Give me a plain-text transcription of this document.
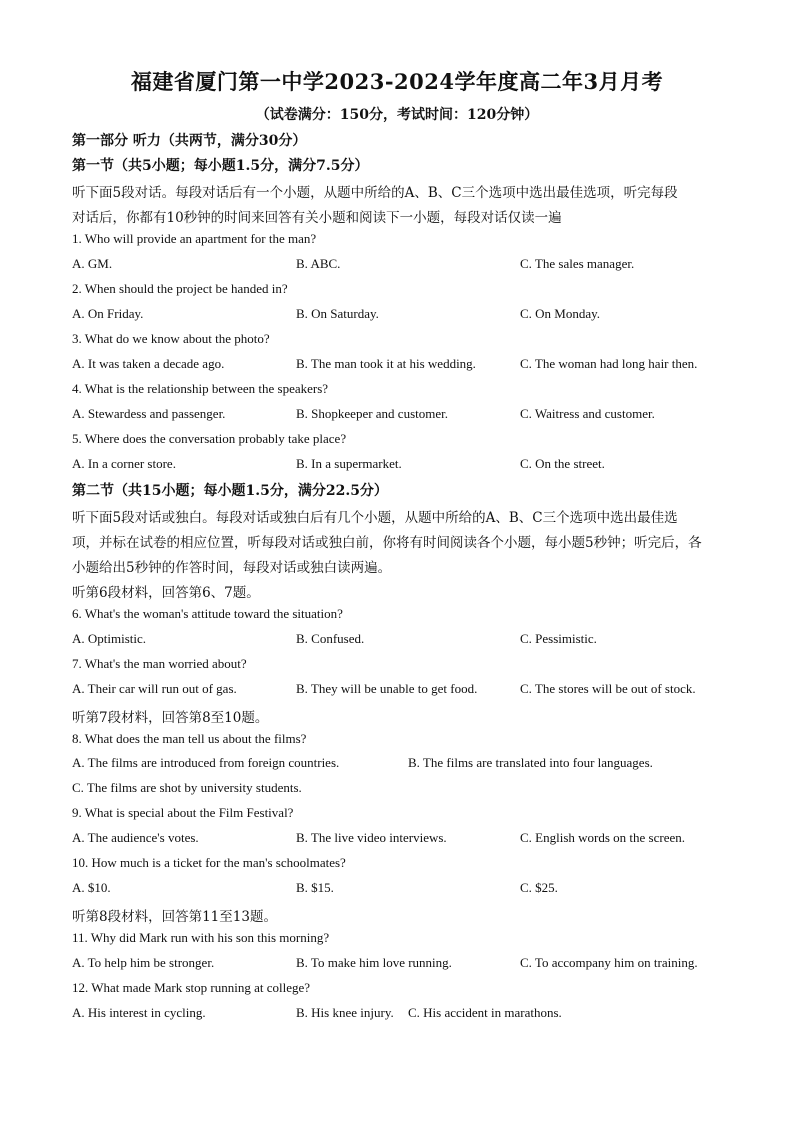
福建省厦门第一中学2023-2024学年度高二年3月月考
（试卷满分：150分，考试时间：120分钟）
第一部分 听力（共两节，满分30分）
第一节（共5小题；每小题1.5分，满分7.5分）
听下面5段对话。每段对话后有一个小题，从题中所给的A、B、C三个选项中选出最佳选项，听完每段
对话后，你都有10秒钟的时间来回答有关小题和阅读下一小题，每段对话仅读一遍
1. Who will provide an apartment for the man?
A. GM.	B. ABC.	C. The sales manager.
2. When should the project be handed in?
A. On Friday.	B. On Saturday.	C. On Monday.
3. What do we know about the photo?
A. It was taken a decade ago.	B. The man took it at his wedding.	C. The woman had long hair then.
4. What is the relationship between the speakers?
A. Stewardess and passenger.	B. Shopkeeper and customer.	C. Waitress and customer.
5. Where does the conversation probably take place?
A. In a corner store.	B. In a supermarket.	C. On the street.
第二节（共15小题；每小题1.5分，满分22.5分）
听下面5段对话或独白。每段对话或独白后有几个小题，从题中所给的A、B、C三个选项中选出最佳选
项，并标在试卷的相应位置，听每段对话或独白前，你将有时间阅读各个小题，每小题5秒钟；听完后，各
小题给出5秒钟的作答时间，每段对话或独白读两遍。
听第6段材料，回答第6、7题。
6. What's the woman's attitude toward the situation?
A. Optimistic.	B. Confused.	C. Pessimistic.
7. What's the man worried about?
A. Their car will run out of gas.	B. They will be unable to get food.	C. The stores will be out of stock.
听第7段材料，回答第8至10题。
8. What does the man tell us about the films?
A. The films are introduced from foreign countries.	B. The films are translated into four languages.
C. The films are shot by university students.
9. What is special about the Film Festival?
A. The audience's votes.	B. The live video interviews.	C. English words on the screen.
10. How much is a ticket for the man's schoolmates?
A. $10.	B. $15.	C. $25.
听第8段材料，回答第11至13题。
11. Why did Mark run with his son this morning?
A. To help him be stronger.	B. To make him love running.	C. To accompany him on training.
12. What made Mark stop running at college?
A. His interest in cycling.	B. His knee injury. C. His accident in marathons.
